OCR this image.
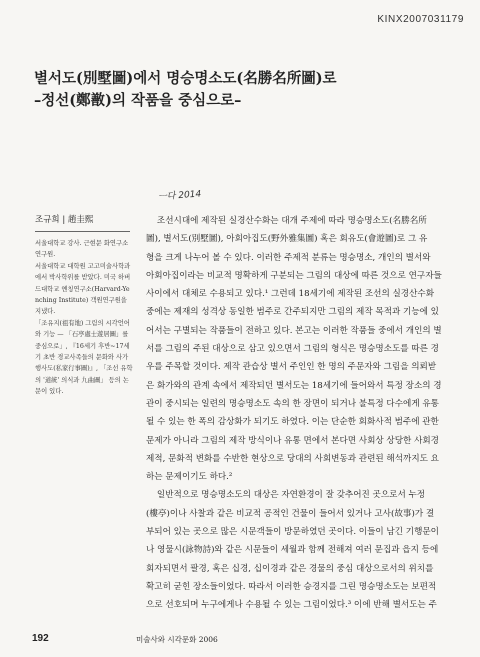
KINX2007031179
별서도(別墅圖)에서 명승명소도(名勝名所圖)로
–정선(鄭敾)의 작품을 중심으로–
ㅡ다 2014
조규희 | 趙圭熙
서울대학교 강사. 근현문 화연구소 연구원.
서울대학교 대학원 고고미술사학과에서 박사학위를 받았다. 미국 하버드대학교 옌칭연구소(Harvard-Yenching Institute) 객원연구원을 지냈다.
「조유지(祖有地) 그림의 시각언어와 기능 — 「石亭處士遊居圖」를 중심으로」, 『16세기 후반~17세기 초반 경교사족들의 문화와 사가행사도(私家行事圖)』, 「조선 유학의 '道統' 의식과 九曲圖」 등의 논문이 있다.
조선시대에 제작된 실경산수화는 대개 주제에 따라 명승명소도(名勝名所
圖), 별서도(別墅圖), 아회아집도(野外雅集圖) 혹은 회유도(會遊圖)로 그 유
형을 크게 나누어 볼 수 있다. 이러한 주제적 분류는 명승명소, 개인의 별서와
아회아집이라는 비교적 명확하게 구분되는 그림의 대상에 따른 것으로 연구자들
사이에서 대체로 수용되고 있다.¹ 그런데 18세기에 제작된 조선의 실경산수화
중에는 제재의 성격상 동일한 범주로 간주되지만 그림의 제작 목적과 기능에 있
어서는 구별되는 작품들이 전하고 있다. 본고는 이러한 작품들 중에서 개인의 별
서를 그림의 주된 대상으로 삼고 있으면서 그림의 형식은 명승명소도를 따른 경
우를 주목할 것이다. 제작 관습상 별서 주인인 한 명의 주문자와 그림을 의뢰받
은 화가와의 관계 속에서 제작되던 별서도는 18세기에 들어와서 특정 장소의 경
관이 중시되는 일련의 명승명소도 속의 한 장면이 되거나 불특정 다수에게 유통
될 수 있는 한 폭의 감상화가 되기도 하였다. 이는 단순한 회화사적 범주에 관한
문제가 아니라 그림의 제작 방식이나 유통 면에서 본다면 사회상 상당한 사회경
제적, 문화적 변화를 수반한 현상으로 당대의 사회변동과 관련된 해석까지도 요
하는 문제이기도 하다.²
일반적으로 명승명소도의 대상은 자연환경이 잘 갖추어진 곳으로서 누정
(樓亭)이나 사찰과 같은 비교적 공적인 건물이 들어서 있거나 고사(故事)가 결
부되어 있는 곳으로 많은 시문객들이 방문하였던 곳이다. 이들이 남긴 기행문이
나 영물시(詠物詩)와 같은 시문들이 세월과 함께 전해져 여러 문집과 읍지 등에
회자되면서 팔경, 혹은 십경, 십이경과 같은 경물의 중심 대상으로서의 위치를
확고히 굳힌 장소들이었다. 따라서 이러한 승경지를 그린 명승명소도는 보편적
으로 선호되며 누구에게나 수용될 수 있는 그림이었다.³ 이에 반해 별서도는 주
192	미술사와 시각문화 2006
